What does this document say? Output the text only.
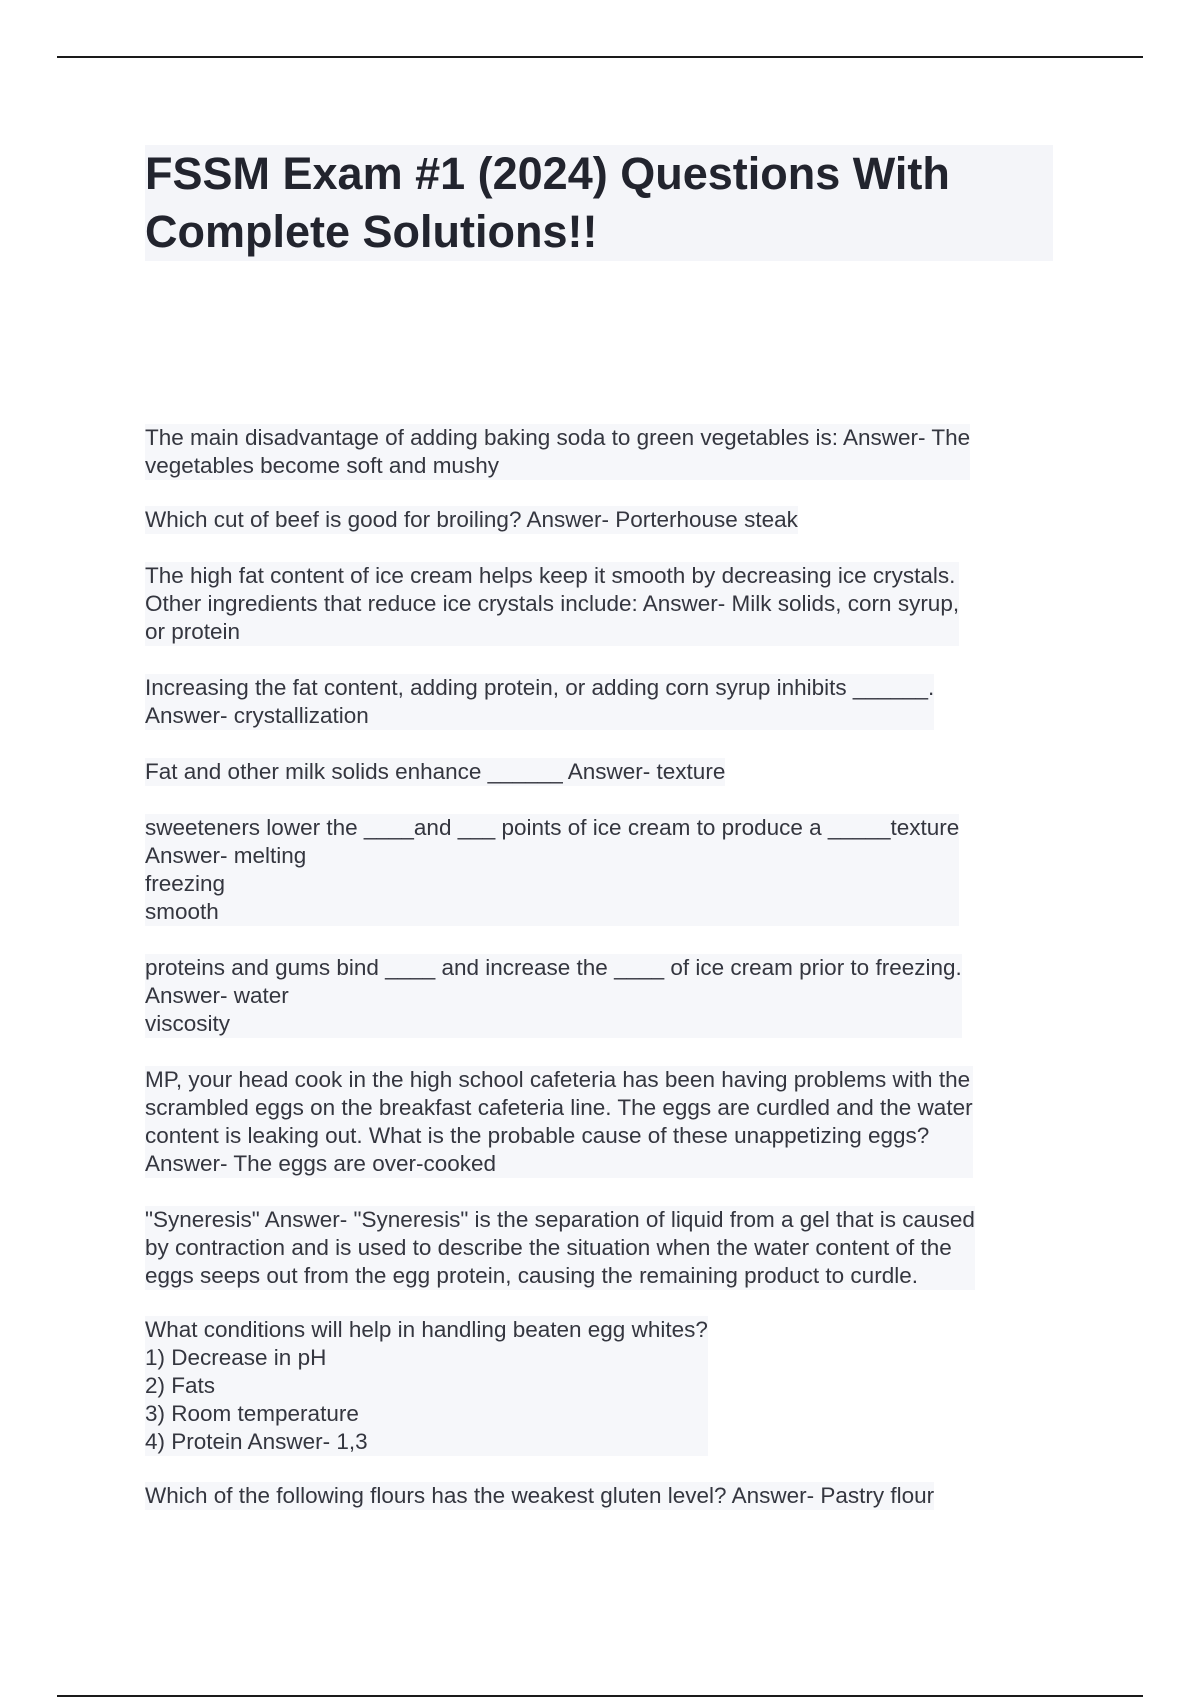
FSSM Exam #1 (2024) Questions With Complete Solutions!!
The main disadvantage of adding baking soda to green vegetables is: Answer- The
vegetables become soft and mushy
Which cut of beef is good for broiling? Answer- Porterhouse steak
The high fat content of ice cream helps keep it smooth by decreasing ice crystals.
Other ingredients that reduce ice crystals include: Answer- Milk solids, corn syrup,
or protein
Increasing the fat content, adding protein, or adding corn syrup inhibits ______.
Answer- crystallization
Fat and other milk solids enhance ______ Answer- texture
sweeteners lower the ____and ___ points of ice cream to produce a _____texture
Answer- melting
freezing
smooth
proteins and gums bind ____ and increase the ____ of ice cream prior to freezing.
Answer- water
viscosity
MP, your head cook in the high school cafeteria has been having problems with the
scrambled eggs on the breakfast cafeteria line. The eggs are curdled and the water
content is leaking out. What is the probable cause of these unappetizing eggs?
Answer- The eggs are over-cooked
"Syneresis" Answer- "Syneresis" is the separation of liquid from a gel that is caused
by contraction and is used to describe the situation when the water content of the
eggs seeps out from the egg protein, causing the remaining product to curdle.
What conditions will help in handling beaten egg whites?
1) Decrease in pH
2) Fats
3) Room temperature
4) Protein Answer- 1,3
Which of the following flours has the weakest gluten level? Answer- Pastry flour
